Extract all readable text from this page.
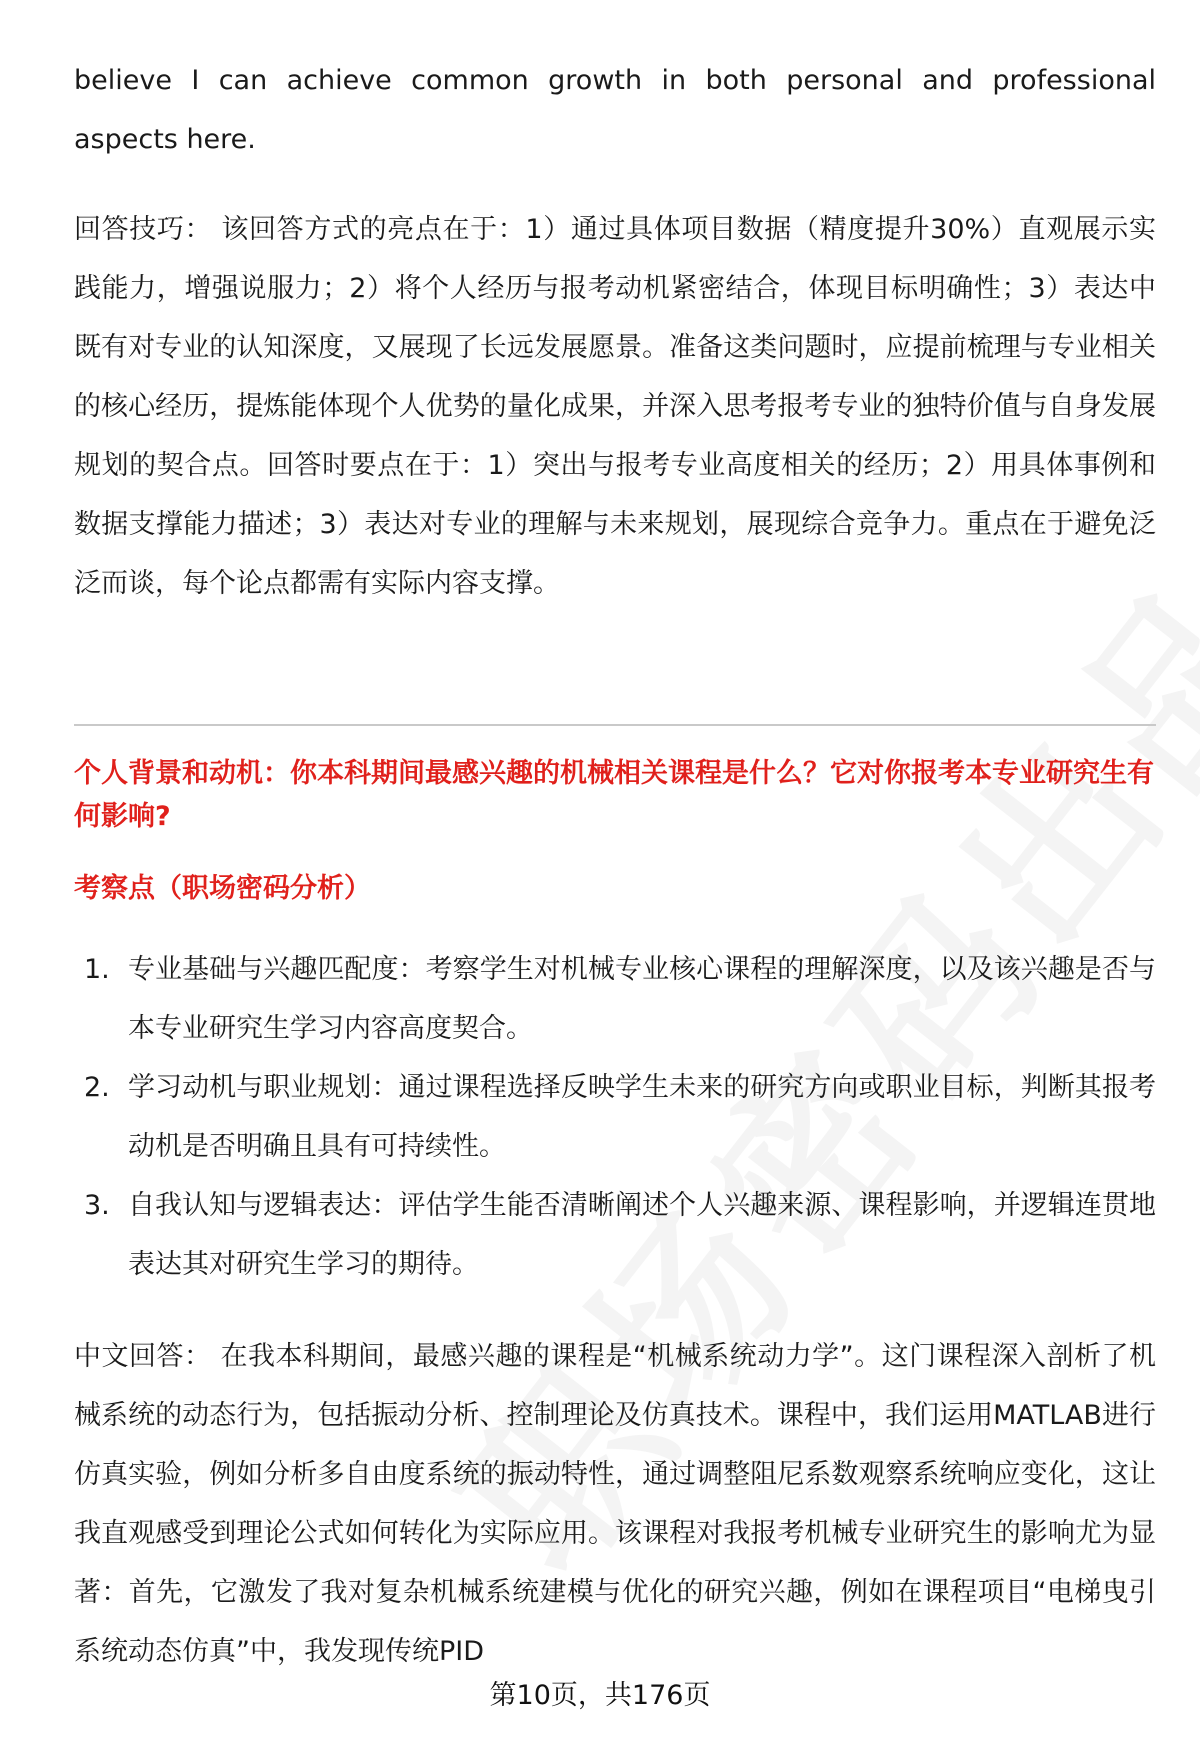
believe I can achieve common growth in both personal and professional aspects here.

回答技巧： 该回答方式的亮点在于：1）通过具体项目数据（精度提升30%）直观展示实践能力，增强说服力；2）将个人经历与报考动机紧密结合，体现目标明确性；3）表达中既有对专业的认知深度，又展现了长远发展愿景。准备这类问题时，应提前梳理与专业相关的核心经历，提炼能体现个人优势的量化成果，并深入思考报考专业的独特价值与自身发展规划的契合点。回答时要点在于：1）突出与报考专业高度相关的经历；2）用具体事例和数据支撑能力描述；3）表达对专业的理解与未来规划，展现综合竞争力。重点在于避免泛泛而谈，每个论点都需有实际内容支撑。

个人背景和动机：你本科期间最感兴趣的机械相关课程是什么？它对你报考本专业研究生有何影响?
考察点（职场密码分析）
1. 专业基础与兴趣匹配度：考察学生对机械专业核心课程的理解深度，以及该兴趣是否与本专业研究生学习内容高度契合。
2. 学习动机与职业规划：通过课程选择反映学生未来的研究方向或职业目标，判断其报考动机是否明确且具有可持续性。
3. 自我认知与逻辑表达：评估学生能否清晰阐述个人兴趣来源、课程影响，并逻辑连贯地表达其对研究生学习的期待。

中文回答： 在我本科期间，最感兴趣的课程是“机械系统动力学”。这门课程深入剖析了机械系统的动态行为，包括振动分析、控制理论及仿真技术。课程中，我们运用MATLAB进行仿真实验，例如分析多自由度系统的振动特性，通过调整阻尼系数观察系统响应变化，这让我直观感受到理论公式如何转化为实际应用。该课程对我报考机械专业研究生的影响尤为显著：首先，它激发了我对复杂机械系统建模与优化的研究兴趣，例如在课程项目“电梯曳引系统动态仿真”中，我发现传统PID

第10页，共176页
